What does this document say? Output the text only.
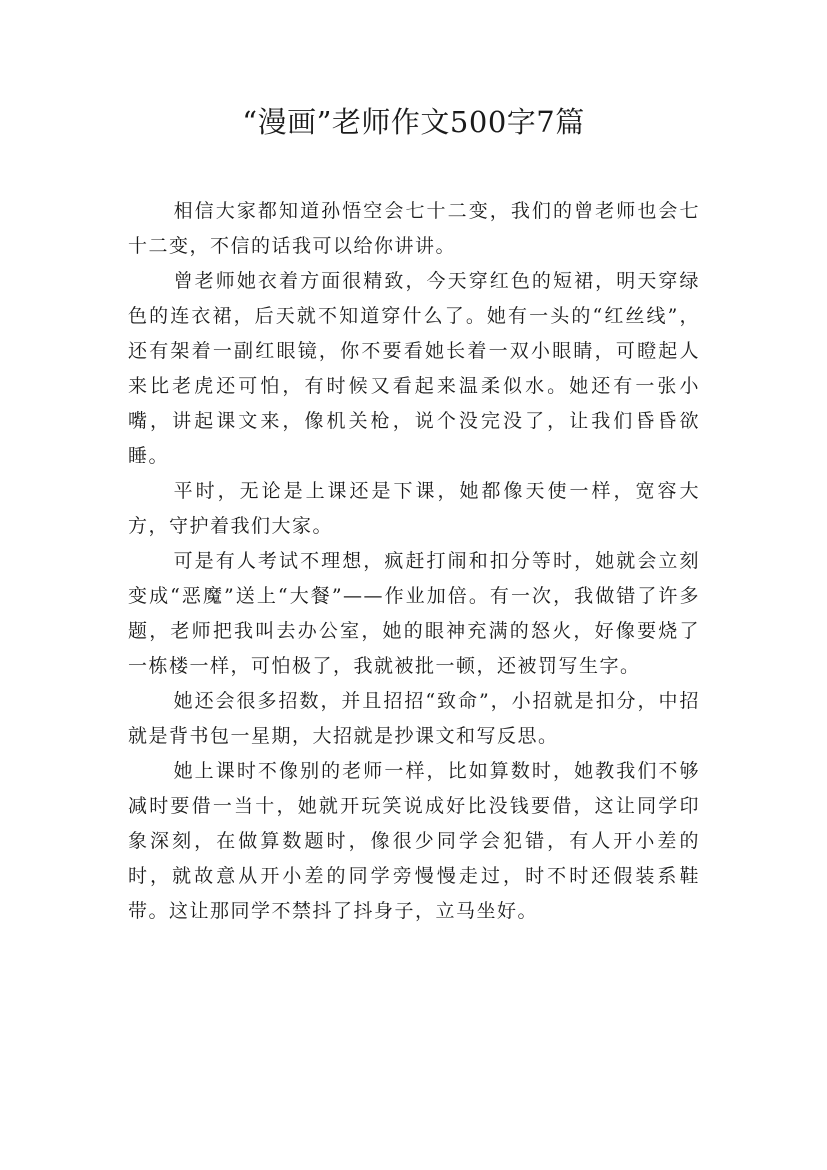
“漫画”老师作文500字7篇

相信大家都知道孙悟空会七十二变，我们的曾老师也会七十二变，不信的话我可以给你讲讲。

曾老师她衣着方面很精致，今天穿红色的短裙，明天穿绿色的连衣裙，后天就不知道穿什么了。她有一头的“红丝线”，还有架着一副红眼镜，你不要看她长着一双小眼睛，可瞪起人来比老虎还可怕，有时候又看起来温柔似水。她还有一张小嘴，讲起课文来，像机关枪，说个没完没了，让我们昏昏欲睡。

平时，无论是上课还是下课，她都像天使一样，宽容大方，守护着我们大家。

可是有人考试不理想，疯赶打闹和扣分等时，她就会立刻变成“恶魔”送上“大餐”——作业加倍。有一次，我做错了许多题，老师把我叫去办公室，她的眼神充满的怒火，好像要烧了一栋楼一样，可怕极了，我就被批一顿，还被罚写生字。

她还会很多招数，并且招招“致命”，小招就是扣分，中招就是背书包一星期，大招就是抄课文和写反思。

她上课时不像别的老师一样，比如算数时，她教我们不够减时要借一当十，她就开玩笑说成好比没钱要借，这让同学印象深刻，在做算数题时，像很少同学会犯错，有人开小差的时，就故意从开小差的同学旁慢慢走过，时不时还假装系鞋带。这让那同学不禁抖了抖身子，立马坐好。
